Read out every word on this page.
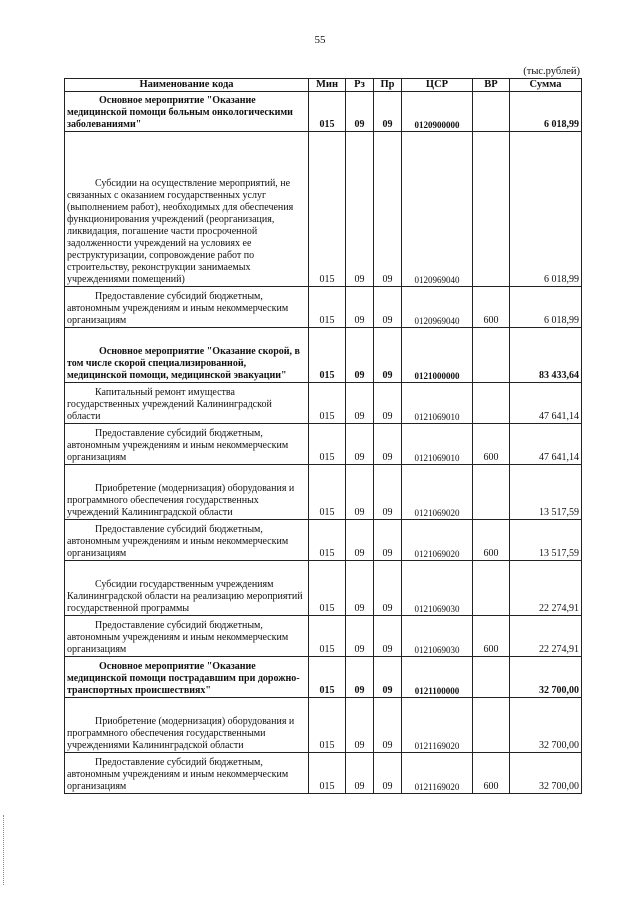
55
(тыс.рублей)
Наименование кода	Мин	Рз	Пр	ЦСР	ВР	Сумма

Основное мероприятие "Оказание медицинской помощи больным онкологическими заболеваниями"	015	09	09	0120900000		6 018,99

Субсидии на осуществление мероприятий, не связанных с оказанием государственных услуг (выполнением работ), необходимых для обеспечения функционирования учреждений (реорганизация, ликвидация, погашение части просроченной задолженности учреждений на условиях ее реструктуризации, сопровождение работ по строительству, реконструкции занимаемых учреждениями помещений)	015	09	09	0120969040		6 018,99

Предоставление субсидий бюджетным, автономным учреждениям и иным некоммерческим организациям	015	09	09	0120969040	600	6 018,99

Основное мероприятие "Оказание скорой, в том числе скорой специализированной, медицинской помощи, медицинской эвакуации"	015	09	09	0121000000		83 433,64

Капитальный ремонт имущества государственных учреждений Калининградской области	015	09	09	0121069010		47 641,14

Предоставление субсидий бюджетным, автономным учреждениям и иным некоммерческим организациям	015	09	09	0121069010	600	47 641,14

Приобретение (модернизация) оборудования и программного обеспечения государственных учреждений Калининградской области	015	09	09	0121069020		13 517,59

Предоставление субсидий бюджетным, автономным учреждениям и иным некоммерческим организациям	015	09	09	0121069020	600	13 517,59

Субсидии государственным учреждениям Калининградской области на реализацию мероприятий государственной программы	015	09	09	0121069030		22 274,91

Предоставление субсидий бюджетным, автономным учреждениям и иным некоммерческим организациям	015	09	09	0121069030	600	22 274,91

Основное мероприятие "Оказание медицинской помощи пострадавшим при дорожно-транспортных происшествиях"	015	09	09	0121100000		32 700,00

Приобретение (модернизация) оборудования и программного обеспечения государственными учреждениями Калининградской области	015	09	09	0121169020		32 700,00

Предоставление субсидий бюджетным, автономным учреждениям и иным некоммерческим организациям	015	09	09	0121169020	600	32 700,00
